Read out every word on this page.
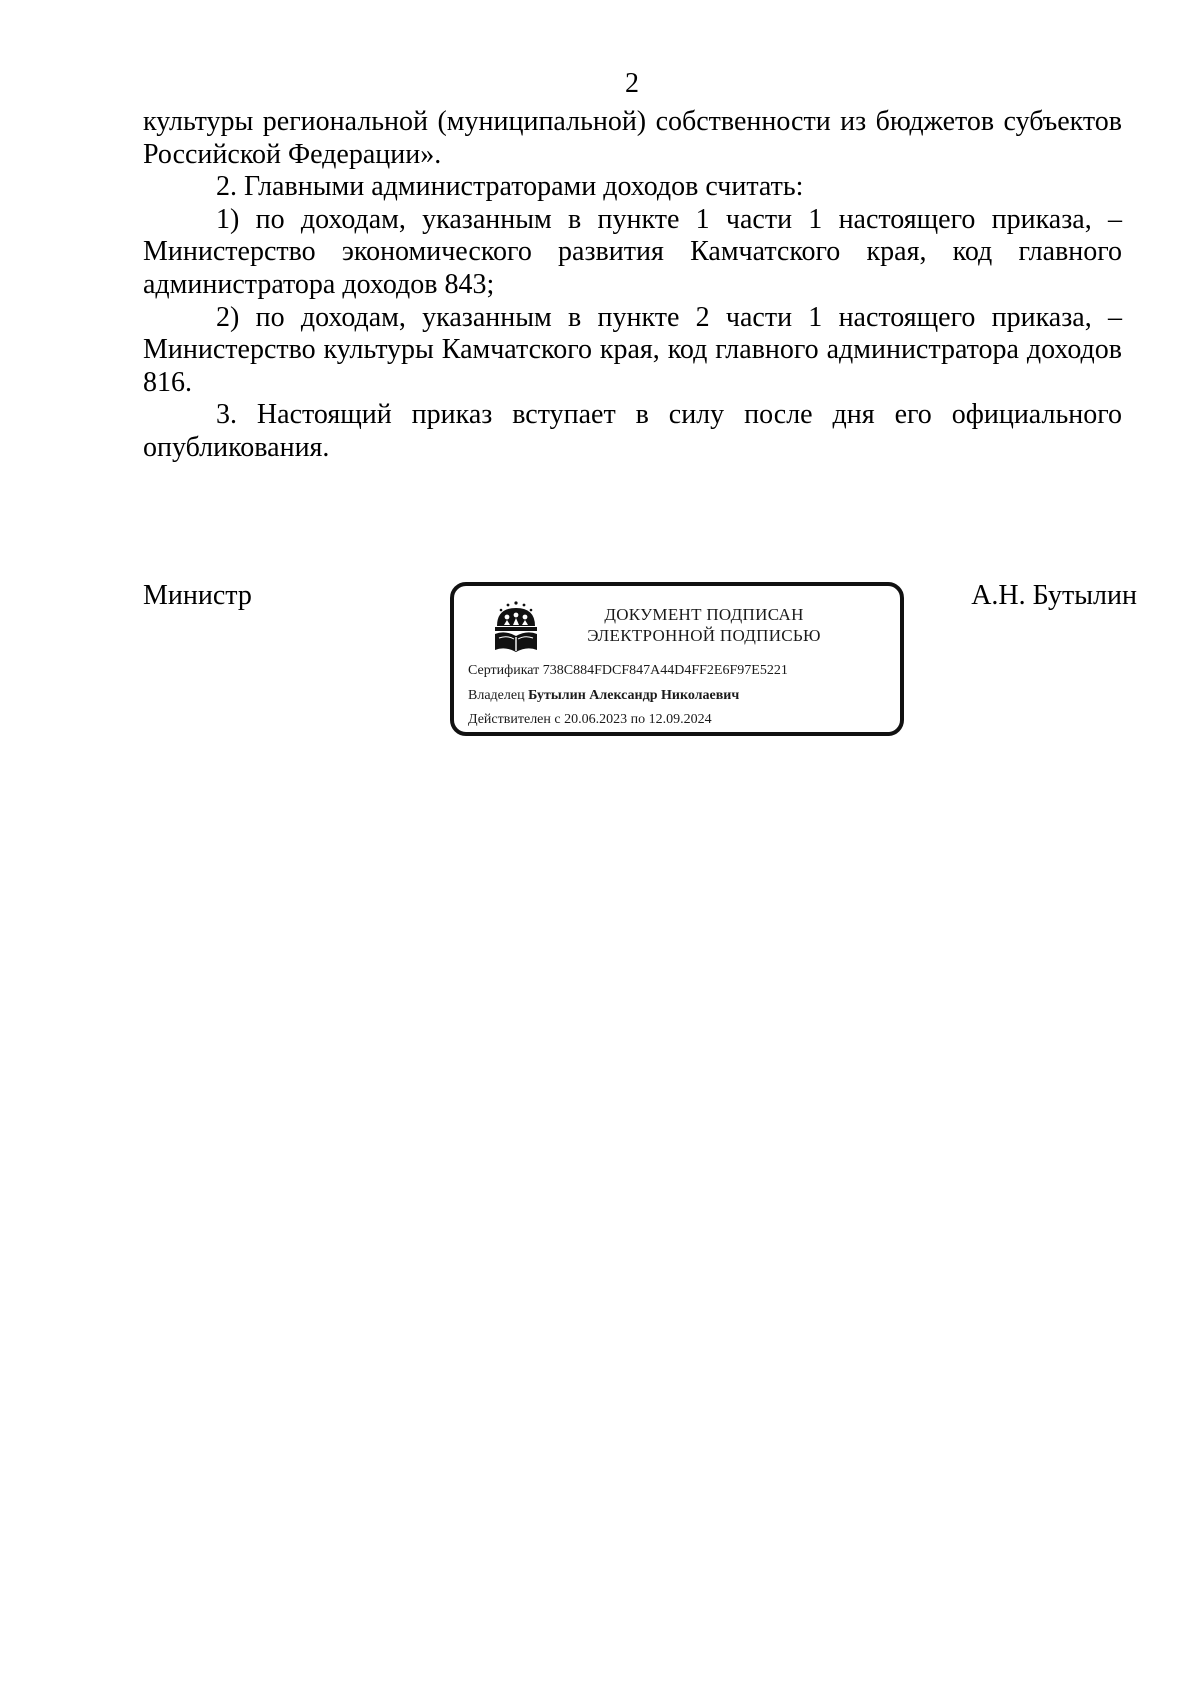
2

культуры региональной (муниципальной) собственности из бюджетов субъектов Российской Федерации».

2. Главными администраторами доходов считать:

1) по доходам, указанным в пункте 1 части 1 настоящего приказа, – Министерство экономического развития Камчатского края, код главного администратора доходов 843;

2) по доходам, указанным в пункте 2 части 1 настоящего приказа, – Министерство культуры Камчатского края, код главного администратора доходов 816.

3. Настоящий приказ вступает в силу после дня его официального опубликования.

Министр
ДОКУМЕНТ ПОДПИСАН
ЭЛЕКТРОННОЙ ПОДПИСЬЮ
Сертификат 738C884FDCF847A44D4FF2E6F97E5221
Владелец Бутылин Александр Николаевич
Действителен с 20.06.2023 по 12.09.2024
А.Н. Бутылин
